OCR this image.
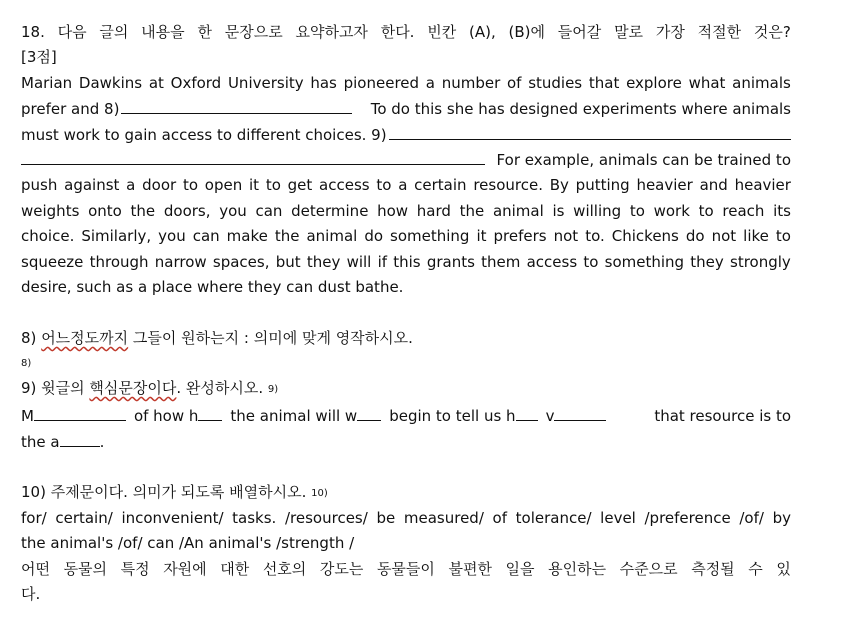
18. 다음 글의 내용을 한 문장으로 요약하고자 한다. 빈칸 (A), (B)에 들어갈 말로 가장 적절한 것은?
[3점]
Marian Dawkins at Oxford University has pioneered a number of studies that explore what animals
prefer and 8)	To do this she has designed experiments where animals
must work to gain access to different choices. 9)
For example, animals can be trained to
push against a door to open it to get access to a certain resource. By putting heavier and heavier
weights onto the doors, you can determine how hard the animal is willing to work to reach its
choice. Similarly, you can make the animal do something it prefers not to. Chickens do not like to
squeeze through narrow spaces, but they will if this grants them access to something they strongly
desire, such as a place where they can dust bathe.
8) 어느정도까지 그들이 원하는지 : 의미에 맞게 영작하시오.
8)
9) 윗글의 핵심문장이다. 완성하시오. $^{9)}$
M	of how h the animal will w begin to tell us h v	that resource is to
the a	.
10) 주제문이다. 의미가 되도록 배열하시오. $^{10)}$
for/ certain/ inconvenient/ tasks. /resources/ be measured/ of tolerance/ level /preference /of/ by
the animal's /of/ can /An animal's /strength /
어떤 동물의 특정 자원에 대한 선호의 강도는 동물들이 불편한 일을 용인하는 수준으로 측정될 수 있
다.
